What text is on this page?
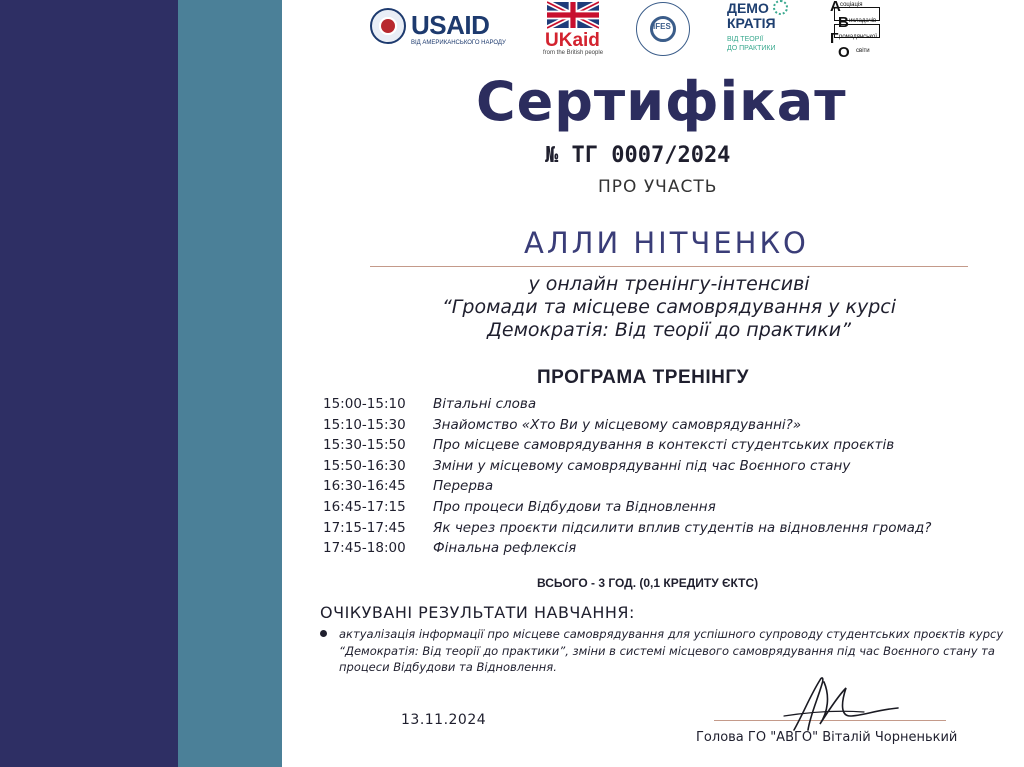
USAID
ВІД АМЕРИКАНСЬКОГО НАРОДУ UKaid
from the British people
IFES
ДЕМО
КРАТІЯ
ВІД ТЕОРІЇ
ДО ПРАКТИКИ
А соціація
В икладачів
Г ромадянської
О світи
Сертифікат
№ ТГ 0007/2024
ПРО УЧАСТЬ
АЛЛИ НІТЧЕНКО
у онлайн тренінгу-інтенсиві
“Громади та місцеве самоврядування у курсі
Демократія: Від теорії до практики”
ПРОГРАМА ТРЕНІНГУ
15:00-15:10 Вітальні слова
15:10-15:30 Знайомство «Хто Ви у місцевому самоврядуванні?»
15:30-15:50 Про місцеве самоврядування в контексті студентських проєктів
15:50-16:30 Зміни у місцевому самоврядуванні під час Воєнного стану
16:30-16:45 Перерва
16:45-17:15 Про процеси Відбудови та Відновлення
17:15-17:45 Як через проєкти підсилити вплив студентів на відновлення громад?
17:45-18:00 Фінальна рефлексія
ВСЬОГО - 3 ГОД. (0,1 КРЕДИТУ ЄКТС)
ОЧІКУВАНІ РЕЗУЛЬТАТИ НАВЧАННЯ:
актуалізація інформації про місцеве самоврядування для успішного супроводу студентських проєктів курсу
“Демократія: Від теорії до практики”, зміни в системі місцевого самоврядування під час Воєнного стану та
процеси Відбудови та Відновлення.
13.11.2024
Голова ГО "АВГО" Віталій Чорненький
